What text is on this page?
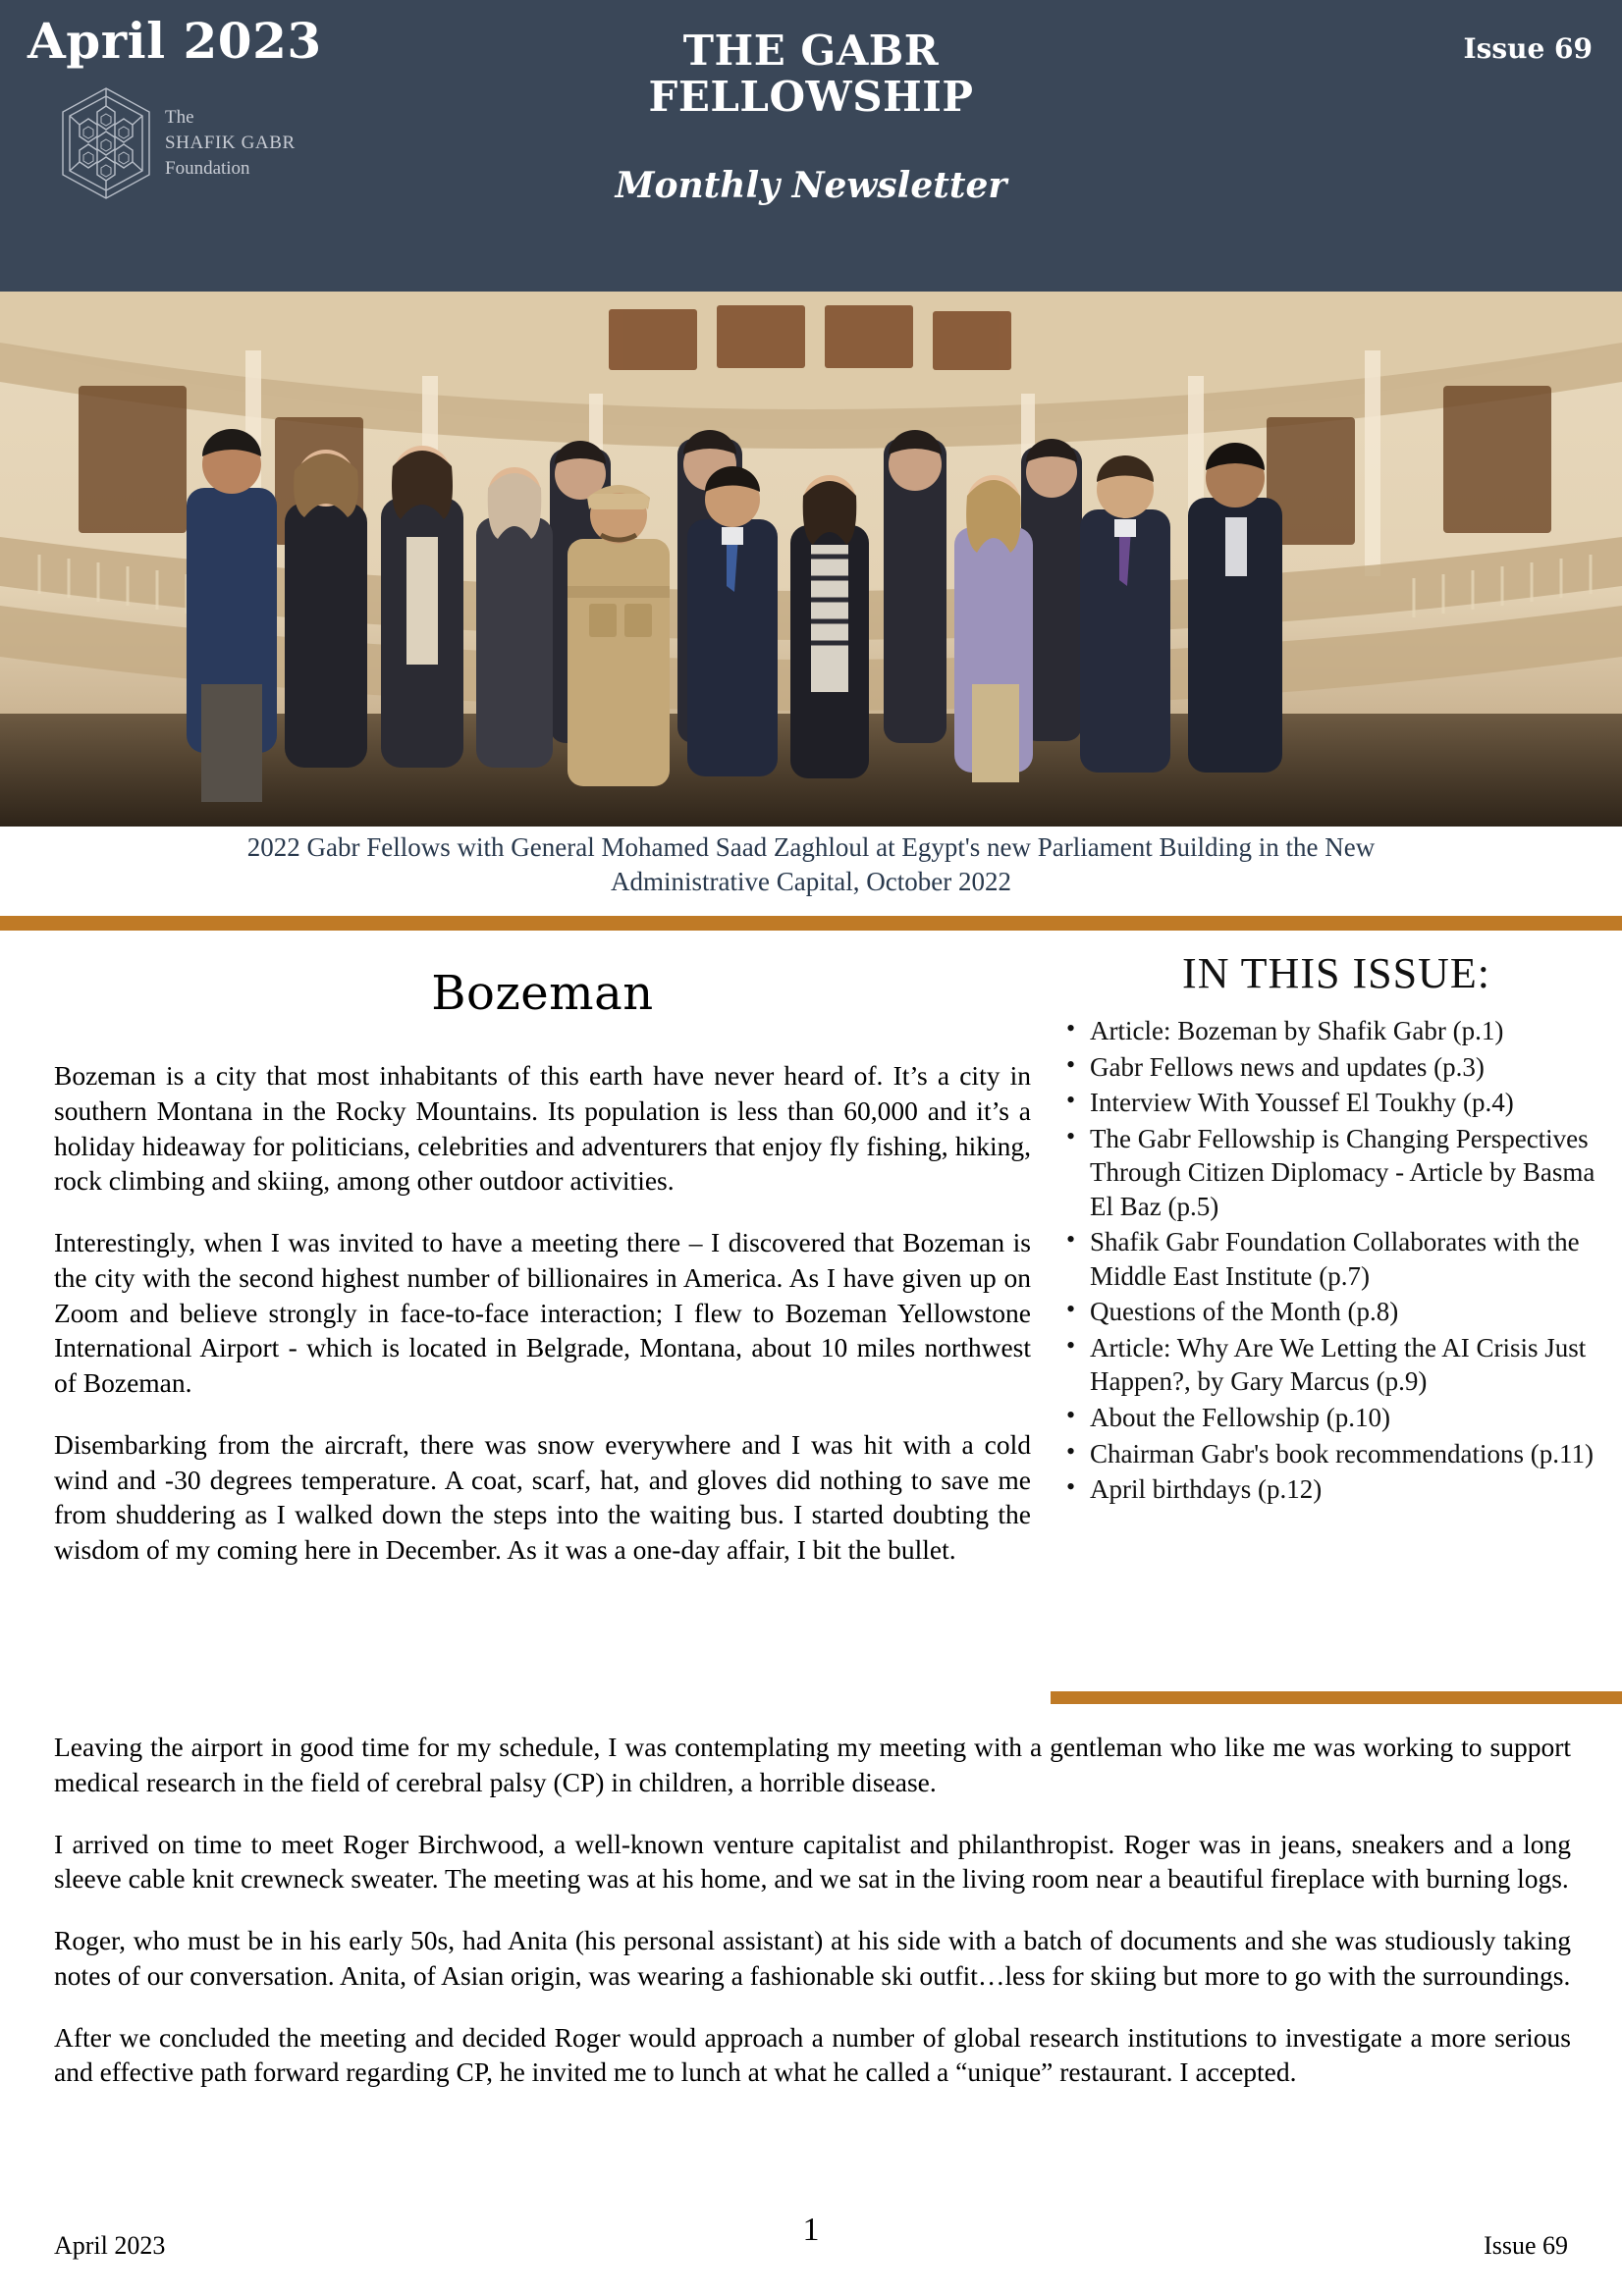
April 2023	Issue 69
THE GABR FELLOWSHIP
Monthly Newsletter
The
SHAFIK GABR
Foundation
2022 Gabr Fellows with General Mohamed Saad Zaghloul at Egypt's new Parliament Building in the New Administrative Capital, October 2022
Bozeman

Bozeman is a city that most inhabitants of this earth have never heard of. It’s a city in southern Montana in the Rocky Mountains. Its population is less than 60,000 and it’s a holiday hideaway for politicians, celebrities and adventurers that enjoy fly fishing, hiking, rock climbing and skiing, among other outdoor activities.

Interestingly, when I was invited to have a meeting there – I discovered that Bozeman is the city with the second highest number of billionaires in America. As I have given up on Zoom and believe strongly in face-to-face interaction; I flew to Bozeman Yellowstone International Airport - which is located in Belgrade, Montana, about 10 miles northwest of Bozeman.

Disembarking from the aircraft, there was snow everywhere and I was hit with a cold wind and -30 degrees temperature. A coat, scarf, hat, and gloves did nothing to save me from shuddering as I walked down the steps into the waiting bus. I started doubting the wisdom of my coming here in December. As it was a one-day affair, I bit the bullet.

IN THIS ISSUE:
• Article: Bozeman by Shafik Gabr (p.1)
• Gabr Fellows news and updates (p.3)
• Interview With Youssef El Toukhy (p.4)
• The Gabr Fellowship is Changing Perspectives Through Citizen Diplomacy - Article by Basma El Baz (p.5)
• Shafik Gabr Foundation Collaborates with the Middle East Institute (p.7)
• Questions of the Month (p.8)
• Article: Why Are We Letting the AI Crisis Just Happen?, by Gary Marcus (p.9)
• About the Fellowship (p.10)
• Chairman Gabr's book recommendations (p.11)
• April birthdays (p.12)

Leaving the airport in good time for my schedule, I was contemplating my meeting with a gentleman who like me was working to support medical research in the field of cerebral palsy (CP) in children, a horrible disease.

I arrived on time to meet Roger Birchwood, a well-known venture capitalist and philanthropist. Roger was in jeans, sneakers and a long sleeve cable knit crewneck sweater. The meeting was at his home, and we sat in the living room near a beautiful fireplace with burning logs.

Roger, who must be in his early 50s, had Anita (his personal assistant) at his side with a batch of documents and she was studiously taking notes of our conversation. Anita, of Asian origin, was wearing a fashionable ski outfit…less for skiing but more to go with the surroundings.

After we concluded the meeting and decided Roger would approach a number of global research institutions to investigate a more serious and effective path forward regarding CP, he invited me to lunch at what he called a “unique” restaurant. I accepted.

April 2023	1	Issue 69
